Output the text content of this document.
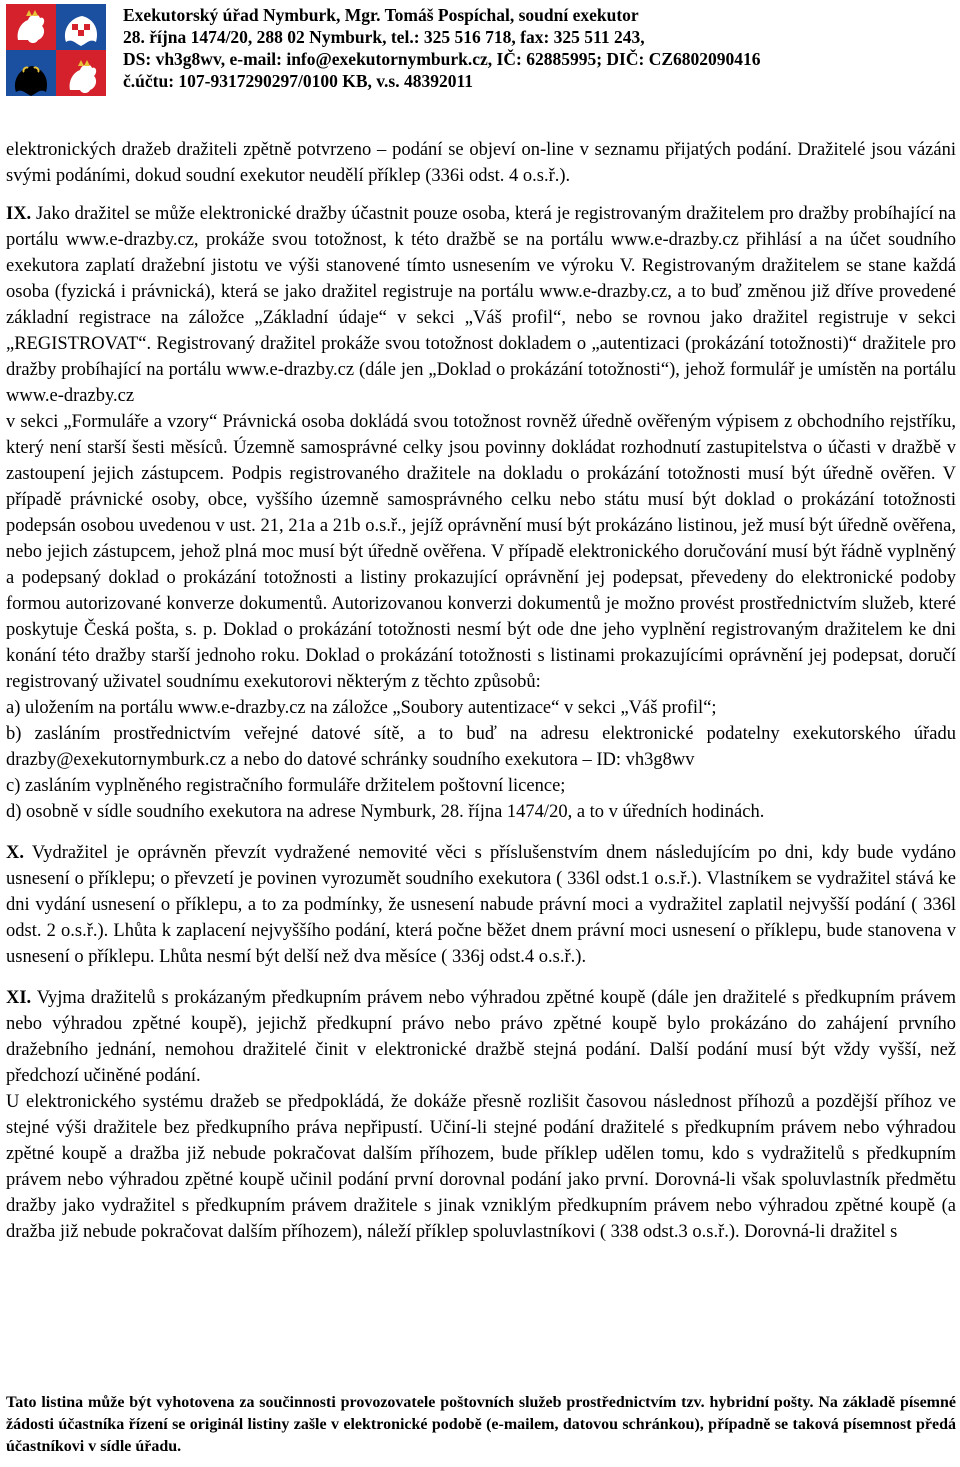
Exekutorský úřad Nymburk, Mgr. Tomáš Pospíchal, soudní exekutor
28. října 1474/20, 288 02 Nymburk, tel.: 325 516 718, fax: 325 511 243,
DS: vh3g8wv, e-mail: info@exekutornymburk.cz, IČ: 62885995; DIČ: CZ6802090416
č.účtu: 107-9317290297/0100 KB, v.s. 48392011

elektronických dražeb dražiteli zpětně potvrzeno – podání se objeví on-line v seznamu přijatých podání. Dražitelé jsou vázáni svými podáními, dokud soudní exekutor neudělí příklep (336i odst. 4 o.s.ř.).

IX. Jako dražitel se může elektronické dražby účastnit pouze osoba, která je registrovaným dražitelem pro dražby probíhající na portálu www.e-drazby.cz, prokáže svou totožnost, k této dražbě se na portálu www.e-drazby.cz přihlásí a na účet soudního exekutora zaplatí dražební jistotu ve výši stanovené tímto usnesením ve výroku V. Registrovaným dražitelem se stane každá osoba (fyzická i právnická), která se jako dražitel registruje na portálu www.e-drazby.cz, a to buď změnou již dříve provedené základní registrace na záložce „Základní údaje“ v sekci „Váš profil“, nebo se rovnou jako dražitel registruje v sekci „REGISTROVAT“. Registrovaný dražitel prokáže svou totožnost dokladem o „autentizaci (prokázání totožnosti)“ dražitele pro dražby probíhající na portálu www.e-drazby.cz (dále jen „Doklad o prokázání totožnosti“), jehož formulář je umístěn na portálu www.e-drazby.cz

v sekci „Formuláře a vzory“ Právnická osoba dokládá svou totožnost rovněž úředně ověřeným výpisem z obchodního rejstříku, který není starší šesti měsíců. Územně samosprávné celky jsou povinny dokládat rozhodnutí zastupitelstva o účasti v dražbě v zastoupení jejich zástupcem. Podpis registrovaného dražitele na dokladu o prokázání totožnosti musí být úředně ověřen. V případě právnické osoby, obce, vyššího územně samosprávného celku nebo státu musí být doklad o prokázání totožnosti podepsán osobou uvedenou v ust. 21, 21a a 21b o.s.ř., jejíž oprávnění musí být prokázáno listinou, jež musí být úředně ověřena, nebo jejich zástupcem, jehož plná moc musí být úředně ověřena. V případě elektronického doručování musí být řádně vyplněný a podepsaný doklad o prokázání totožnosti a listiny prokazující oprávnění jej podepsat, převedeny do elektronické podoby formou autorizované konverze dokumentů. Autorizovanou konverzi dokumentů je možno provést prostřednictvím služeb, které poskytuje Česká pošta, s. p. Doklad o prokázání totožnosti nesmí být ode dne jeho vyplnění registrovaným dražitelem ke dni konání této dražby starší jednoho roku. Doklad o prokázání totožnosti s listinami prokazujícími oprávnění jej podepsat, doručí registrovaný uživatel soudnímu exekutorovi některým z těchto způsobů:

a) uložením na portálu www.e-drazby.cz na záložce „Soubory autentizace“ v sekci „Váš profil“;

b) zasláním prostřednictvím veřejné datové sítě, a to buď na adresu elektronické podatelny exekutorského úřadu drazby@exekutornymburk.cz a nebo do datové schránky soudního exekutora – ID: vh3g8wv

c) zasláním vyplněného registračního formuláře držitelem poštovní licence;

d) osobně v sídle soudního exekutora na adrese Nymburk, 28. října 1474/20, a to v úředních hodinách.

X. Vydražitel je oprávněn převzít vydražené nemovité věci s příslušenstvím dnem následujícím po dni, kdy bude vydáno usnesení o příklepu; o převzetí je povinen vyrozumět soudního exekutora ( 336l odst.1 o.s.ř.). Vlastníkem se vydražitel stává ke dni vydání usnesení o příklepu, a to za podmínky, že usnesení nabude právní moci a vydražitel zaplatil nejvyšší podání ( 336l odst. 2 o.s.ř.). Lhůta k zaplacení nejvyššího podání, která počne běžet dnem právní moci usnesení o příklepu, bude stanovena v usnesení o příklepu. Lhůta nesmí být delší než dva měsíce ( 336j odst.4 o.s.ř.).

XI. Vyjma dražitelů s prokázaným předkupním právem nebo výhradou zpětné koupě (dále jen dražitelé s předkupním právem nebo výhradou zpětné koupě), jejichž předkupní právo nebo právo zpětné koupě bylo prokázáno do zahájení prvního dražebního jednání, nemohou dražitelé činit v elektronické dražbě stejná podání. Další podání musí být vždy vyšší, než předchozí učiněné podání.

U elektronického systému dražeb se předpokládá, že dokáže přesně rozlišit časovou následnost příhozů a pozdější příhoz ve stejné výši dražitele bez předkupního práva nepřipustí. Učiní-li stejné podání dražitelé s předkupním právem nebo výhradou zpětné koupě a dražba již nebude pokračovat dalším příhozem, bude příklep udělen tomu, kdo s vydražitelů s předkupním právem nebo výhradou zpětné koupě učinil podání první dorovnal podání jako první. Dorovná-li však spoluvlastník předmětu dražby jako vydražitel s předkupním právem dražitele s jinak vzniklým předkupním právem nebo výhradou zpětné koupě (a dražba již nebude pokračovat dalším příhozem), náleží příklep spoluvlastníkovi ( 338 odst.3 o.s.ř.). Dorovná-li dražitel s

Tato listina může být vyhotovena za součinnosti provozovatele poštovních služeb prostřednictvím tzv. hybridní pošty. Na základě písemné žádosti účastníka řízení se originál listiny zašle v elektronické podobě (e-mailem, datovou schránkou), případně se taková písemnost předá účastníkovi v sídle úřadu.
